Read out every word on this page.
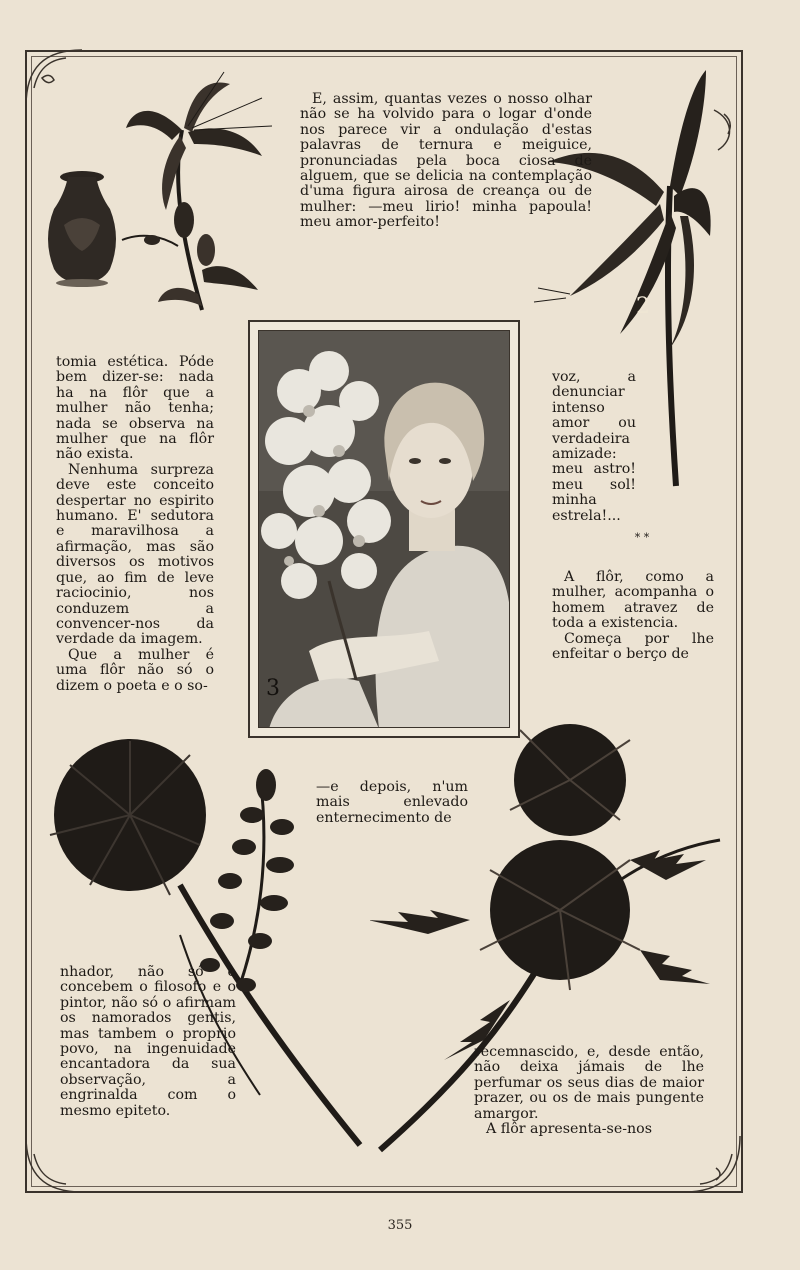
2
3

E, assim, quantas vezes o nosso olhar não se ha volvido para o logar d'onde nos parece vir a ondulação d'estas palavras de ternura e meiguice, pronunciadas pela boca ciosa de alguem, que se delicia na contemplação d'uma figura airosa de creança ou de mulher: —meu lirio! minha papoula! meu amor-perfeito!

tomia estética. Póde bem dizer-se: nada ha na flôr que a mulher não tenha; nada se observa na mulher que na flôr não exista.

Nenhuma surpreza deve este conceito despertar no espirito humano. E' sedutora e maravilhosa a afirmação, mas são diversos os motivos que, ao fim de leve raciocinio, nos conduzem a convencer-nos da verdade da imagem.

Que a mulher é uma flôr não só o dizem o poeta e o so-

voz, a denunciar intenso amor ou verdadeira amizade: meu astro! meu sol! minha estrela!...

* *

A flôr, como a mulher, acompanha o homem atravez de toda a existencia.

Começa por lhe enfeitar o berço de

—e depois, n'um mais enlevado enternecimento de

nhador, não só o concebem o filosofo e o pintor, não só o afirmam os namorados gentis, mas tambem o proprio povo, na ingenuidade encantadora da sua observação, a engrinalda com o mesmo epiteto.

recemnascido, e, desde então, não deixa jámais de lhe perfumar os seus dias de maior prazer, ou os de mais pungente amargor.

A flôr apresenta-se-nos

355
